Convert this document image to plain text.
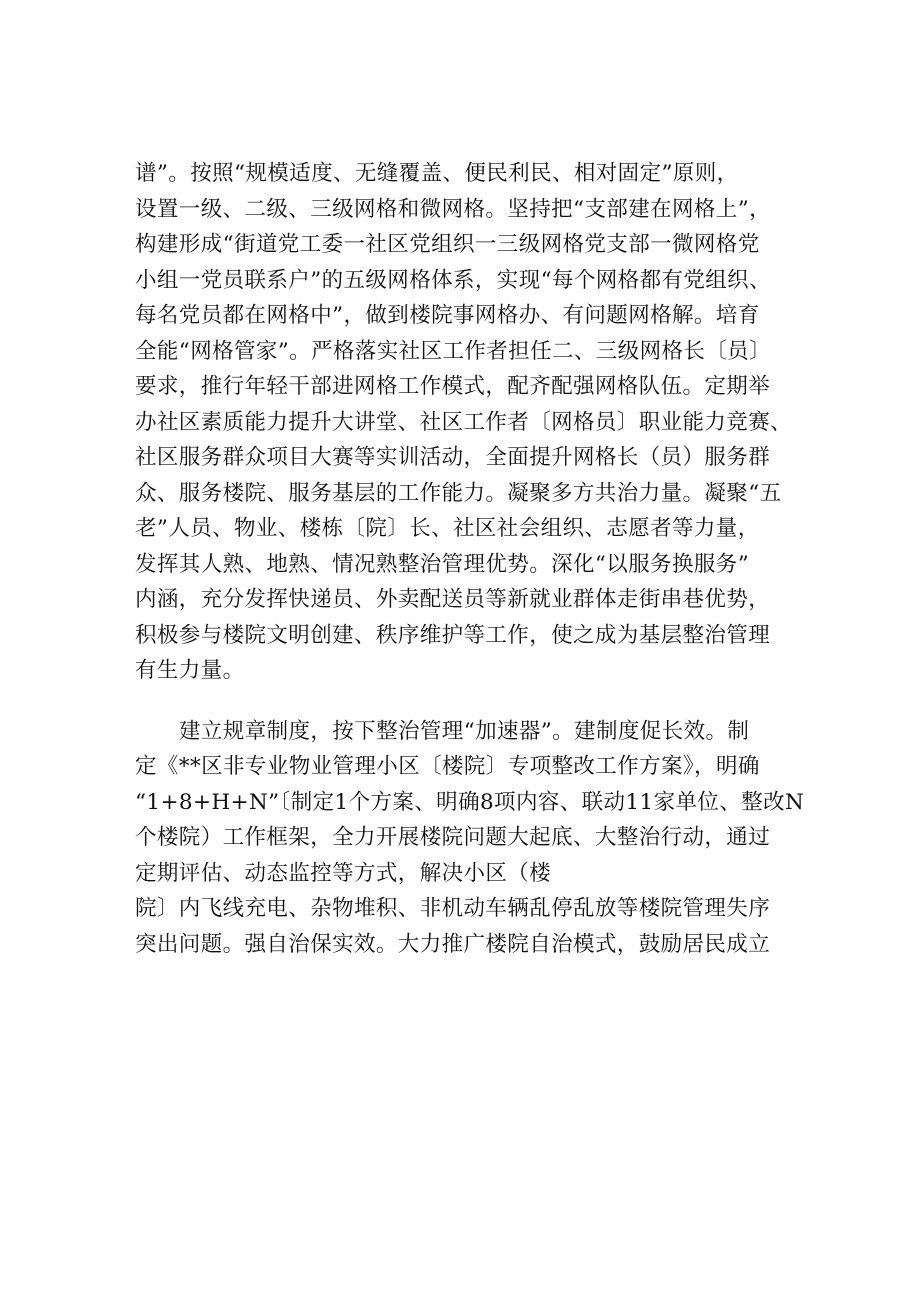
谱”。按照“规模适度、无缝覆盖、便民利民、相对固定”原则，
设置一级、二级、三级网格和微网格。坚持把“支部建在网格上”，
构建形成“街道党工委一社区党组织一三级网格党支部一微网格党
小组一党员联系户”的五级网格体系，实现“每个网格都有党组织、
每名党员都在网格中”，做到楼院事网格办、有问题网格解。培育
全能“网格管家”。严格落实社区工作者担任二、三级网格长〔员〕
要求，推行年轻干部进网格工作模式，配齐配强网格队伍。定期举
办社区素质能力提升大讲堂、社区工作者〔网格员〕职业能力竞赛、
社区服务群众项目大赛等实训活动，全面提升网格长（员）服务群
众、服务楼院、服务基层的工作能力。凝聚多方共治力量。凝聚“五
老”人员、物业、楼栋〔院〕长、社区社会组织、志愿者等力量，
发挥其人熟、地熟、情况熟整治管理优势。深化“以服务换服务”
内涵，充分发挥快递员、外卖配送员等新就业群体走街串巷优势，
积极参与楼院文明创建、秩序维护等工作，使之成为基层整治管理
有生力量。
建立规章制度，按下整治管理“加速器”。建制度促长效。制
定《**区非专业物业管理小区〔楼院〕专项整改工作方案》，明确
“1+8+H+N”〔制定1个方案、明确8项内容、联动11家单位、整改N
个楼院）工作框架，全力开展楼院问题大起底、大整治行动，通过
定期评估、动态监控等方式，解决小区（楼
院〕内飞线充电、杂物堆积、非机动车辆乱停乱放等楼院管理失序
突出问题。强自治保实效。大力推广楼院自治模式，鼓励居民成立
